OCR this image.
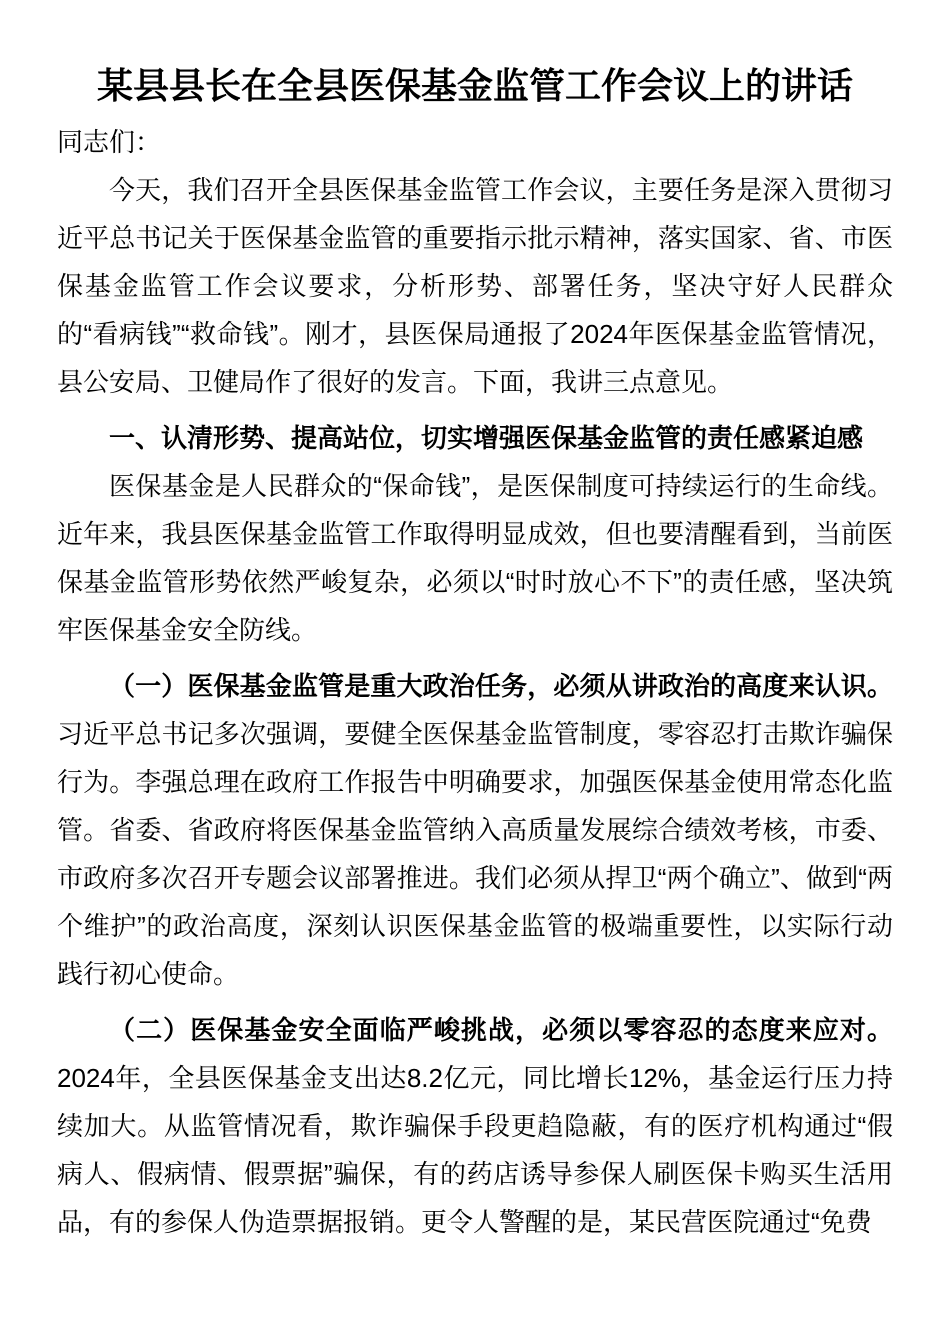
某县县长在全县医保基金监管工作会议上的讲话

同志们：

今天，我们召开全县医保基金监管工作会议，主要任务是深入贯彻习近平总书记关于医保基金监管的重要指示批示精神，落实国家、省、市医保基金监管工作会议要求，分析形势、部署任务，坚决守好人民群众的“看病钱”“救命钱”。刚才，县医保局通报了2024年医保基金监管情况，县公安局、卫健局作了很好的发言。下面，我讲三点意见。

一、认清形势、提高站位，切实增强医保基金监管的责任感紧迫感

医保基金是人民群众的“保命钱”，是医保制度可持续运行的生命线。近年来，我县医保基金监管工作取得明显成效，但也要清醒看到，当前医保基金监管形势依然严峻复杂，必须以“时时放心不下”的责任感，坚决筑牢医保基金安全防线。

（一）医保基金监管是重大政治任务，必须从讲政治的高度来认识。习近平总书记多次强调，要健全医保基金监管制度，零容忍打击欺诈骗保行为。李强总理在政府工作报告中明确要求，加强医保基金使用常态化监管。省委、省政府将医保基金监管纳入高质量发展综合绩效考核，市委、市政府多次召开专题会议部署推进。我们必须从捍卫“两个确立”、做到“两个维护”的政治高度，深刻认识医保基金监管的极端重要性，以实际行动践行初心使命。

（二）医保基金安全面临严峻挑战，必须以零容忍的态度来应对。2024年，全县医保基金支出达8.2亿元，同比增长12%，基金运行压力持续加大。从监管情况看，欺诈骗保手段更趋隐蔽，有的医疗机构通过“假病人、假病情、假票据”骗保，有的药店诱导参保人刷医保卡购买生活用品，有的参保人伪造票据报销。更令人警醒的是，某民营医院通过“免费
